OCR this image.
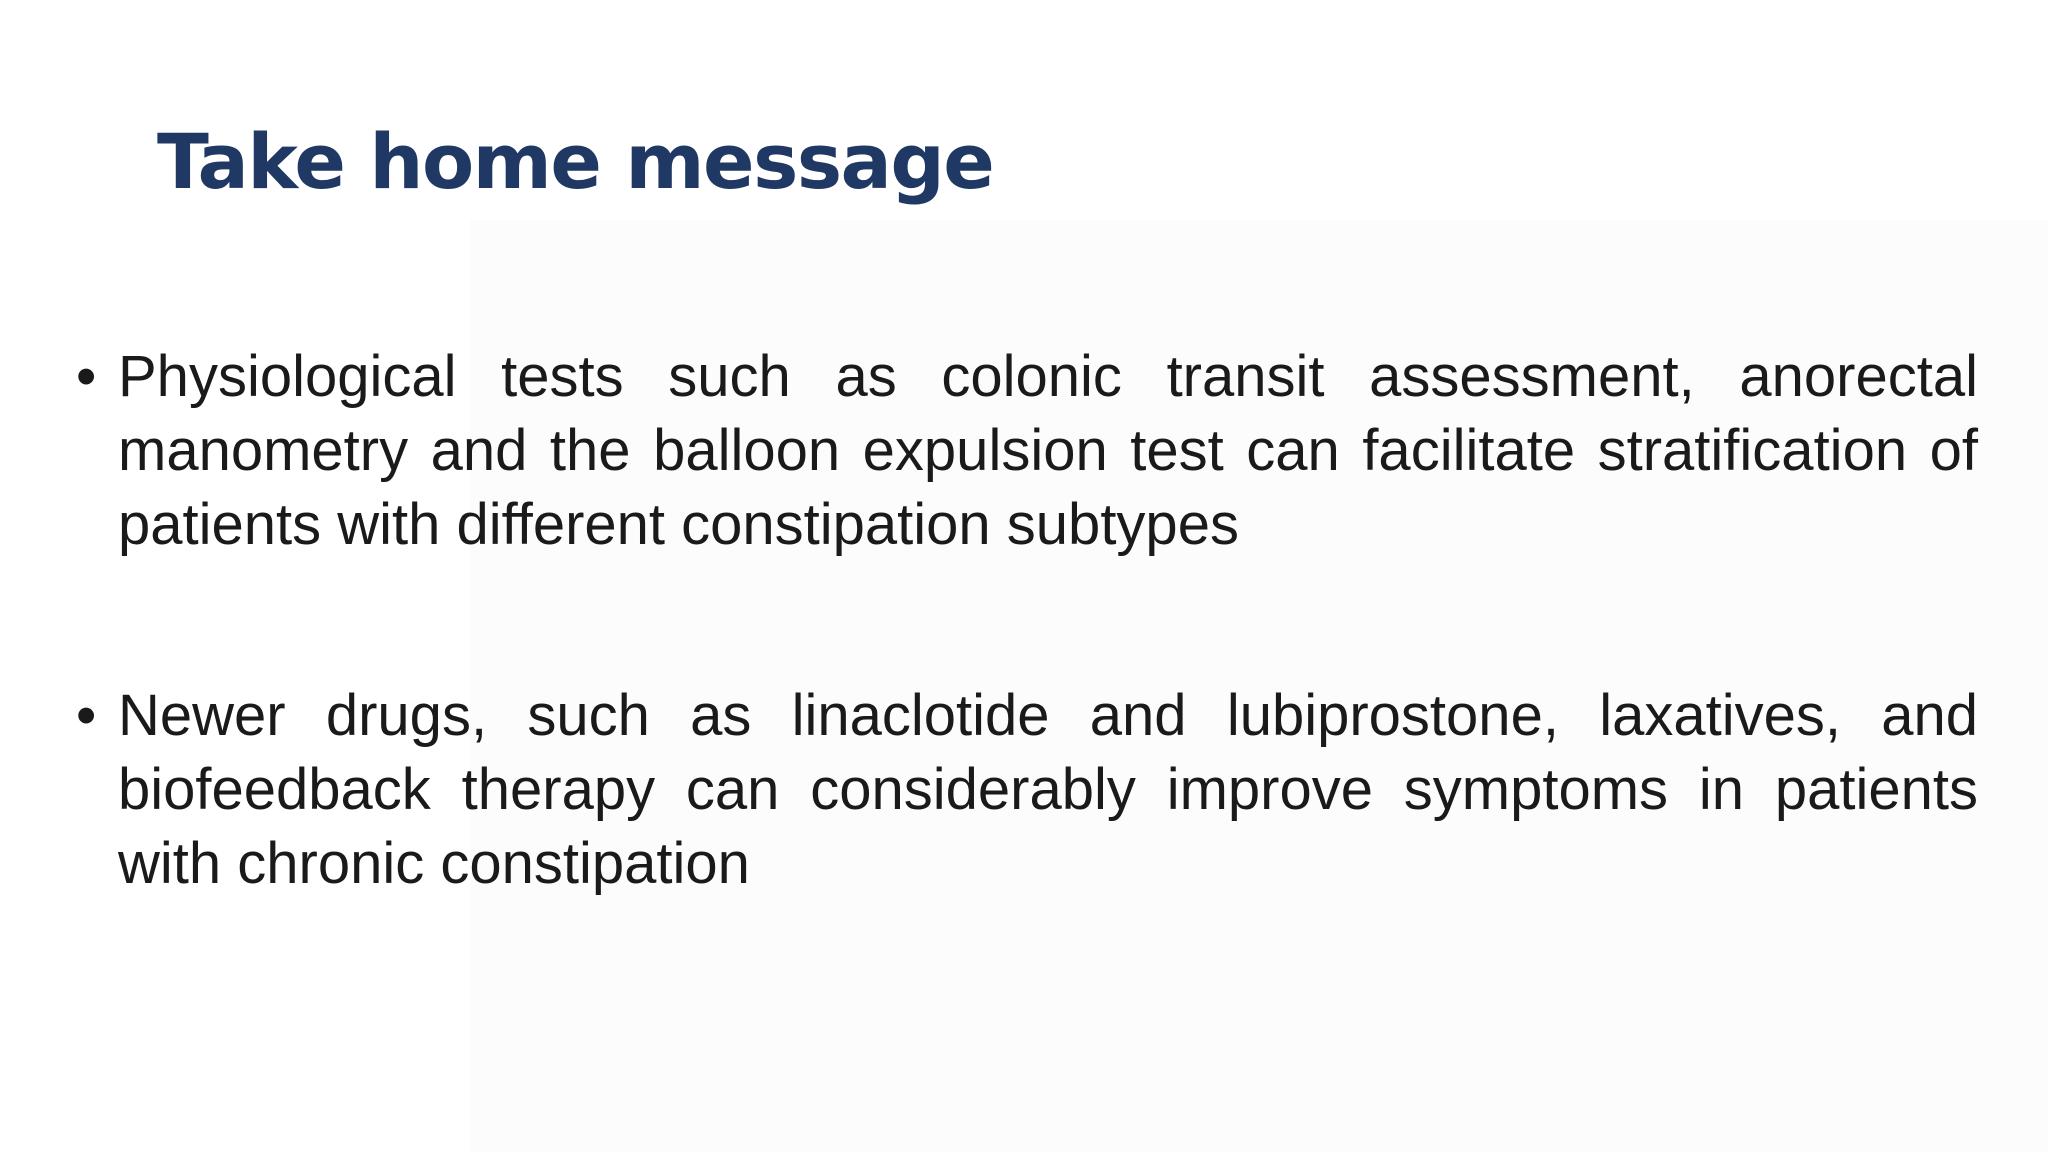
Take home message
• Physiological tests such as colonic transit assessment, anorectal manometry and the balloon expulsion test can facilitate stratification of patients with different constipation subtypes
• Newer drugs, such as linaclotide and lubiprostone, laxatives, and biofeedback therapy can considerably improve symptoms in patients with chronic constipation
